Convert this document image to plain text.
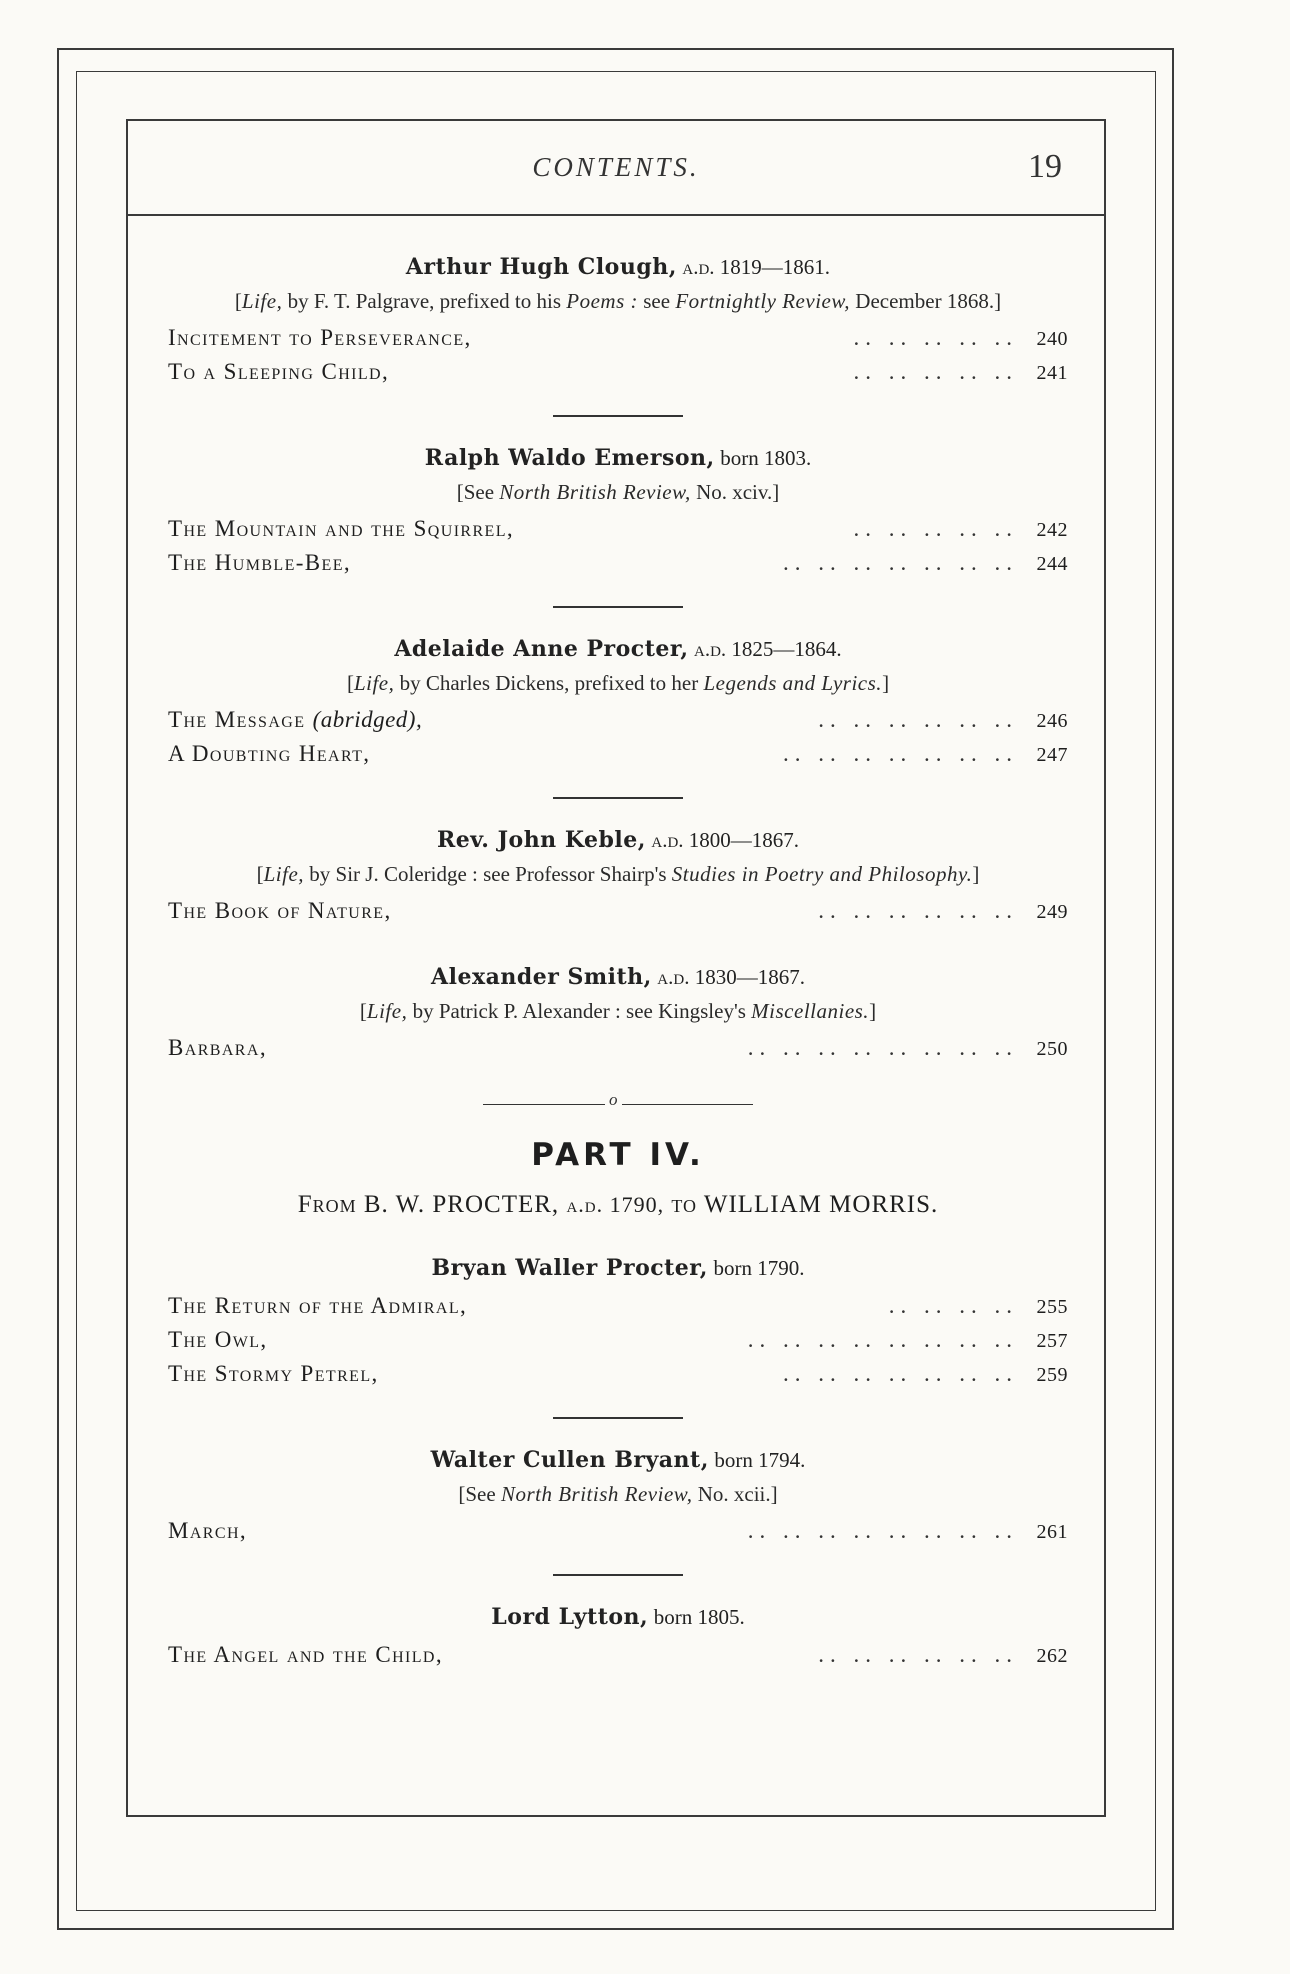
CONTENTS.	19

Arthur Hugh Clough, a.d. 1819—1861.

[Life, by F. T. Palgrave, prefixed to his Poems : see Fortnightly Review, December 1868.]

Incitement to Perseverance,	.. .. .. .. .. 240
To a Sleeping Child,	.. .. .. .. .. 241

Ralph Waldo Emerson, born 1803.

[See North British Review, No. xciv.]

The Mountain and the Squirrel,	.. .. .. .. .. 242
The Humble-Bee,	.. .. .. .. .. .. .. 244

Adelaide Anne Procter, a.d. 1825—1864.

[Life, by Charles Dickens, prefixed to her Legends and Lyrics.]

The Message (abridged),	.. .. .. .. .. .. 246
A Doubting Heart,	.. .. .. .. .. .. .. 247

Rev. John Keble, a.d. 1800—1867.

[Life, by Sir J. Coleridge : see Professor Shairp's Studies in Poetry and Philosophy.]

The Book of Nature,	.. .. .. .. .. .. 249

Alexander Smith, a.d. 1830—1867.

[Life, by Patrick P. Alexander : see Kingsley's Miscellanies.]

Barbara,	.. .. .. .. .. .. .. .. 250
o

PART IV.

From B. W. PROCTER, a.d. 1790, to WILLIAM MORRIS.

Bryan Waller Procter, born 1790.

The Return of the Admiral,	.. .. .. .. 255
The Owl,	.. .. .. .. .. .. .. .. 257
The Stormy Petrel,	.. .. .. .. .. .. .. 259

Walter Cullen Bryant, born 1794.

[See North British Review, No. xcii.]

March,	.. .. .. .. .. .. .. .. 261

Lord Lytton, born 1805.

The Angel and the Child,	.. .. .. .. .. .. 262
